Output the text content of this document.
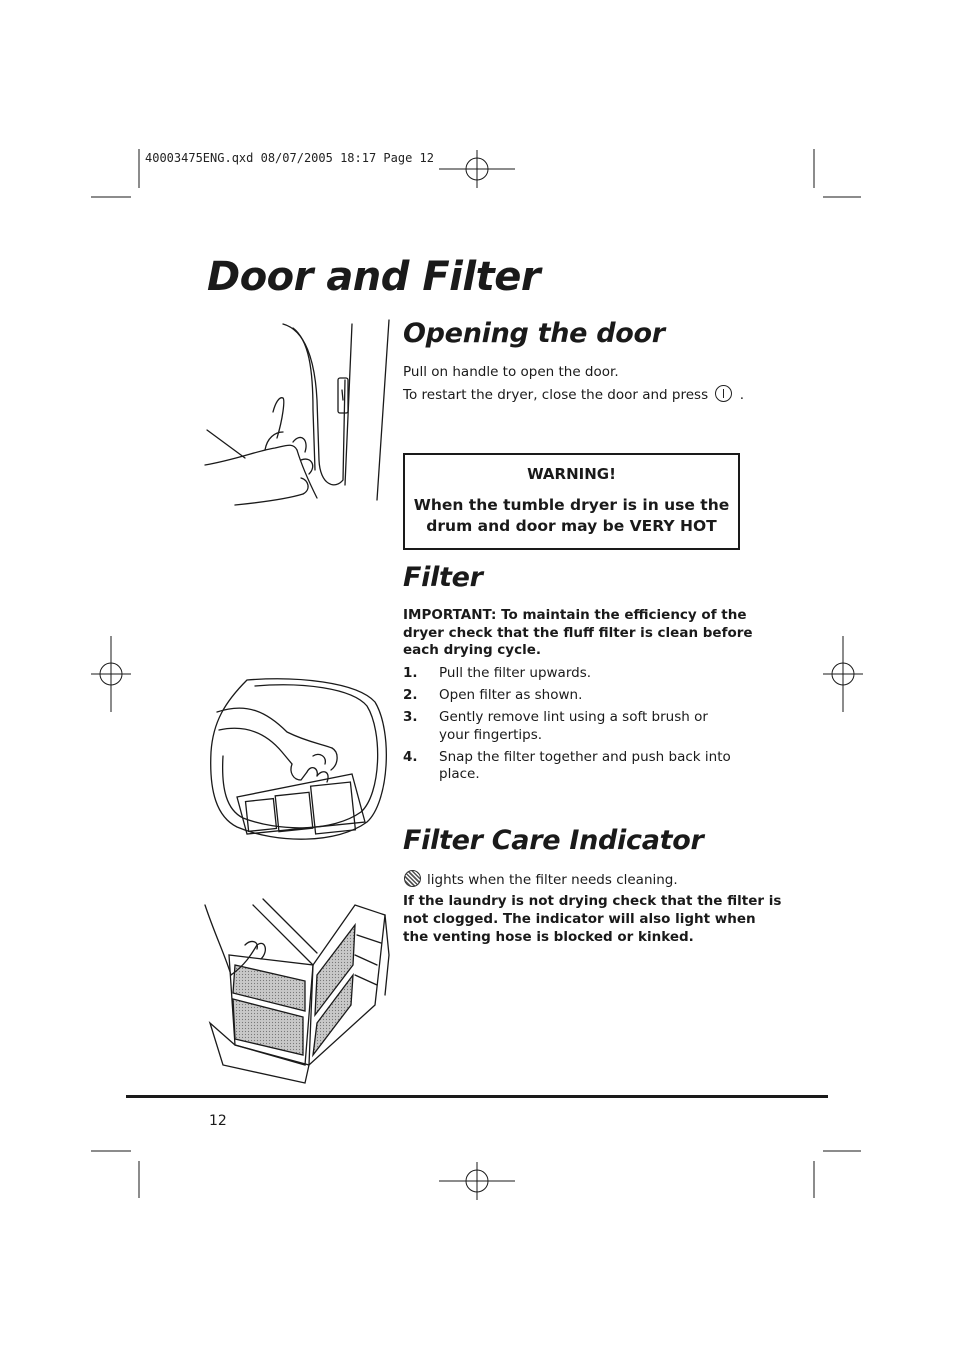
40003475ENG.qxd 08/07/2005 18:17 Page 12
Door and Filter
Opening the door
Pull on handle to open the door.
To restart the dryer, close the door and press .
WARNING!
When the tumble dryer is in use the
drum and door may be VERY HOT
Filter
IMPORTANT: To maintain the efficiency of the
dryer check that the fluff filter is clean before
each drying cycle.
1.	Pull the filter upwards.
2.	Open filter as shown.
3.	Gently remove lint using a soft brush or
your fingertips.
4.	Snap the filter together and push back into
place.
Filter Care Indicator
lights when the filter needs cleaning.
If the laundry is not drying check that the filter is
not clogged. The indicator will also light when
the venting hose is blocked or kinked.
12
